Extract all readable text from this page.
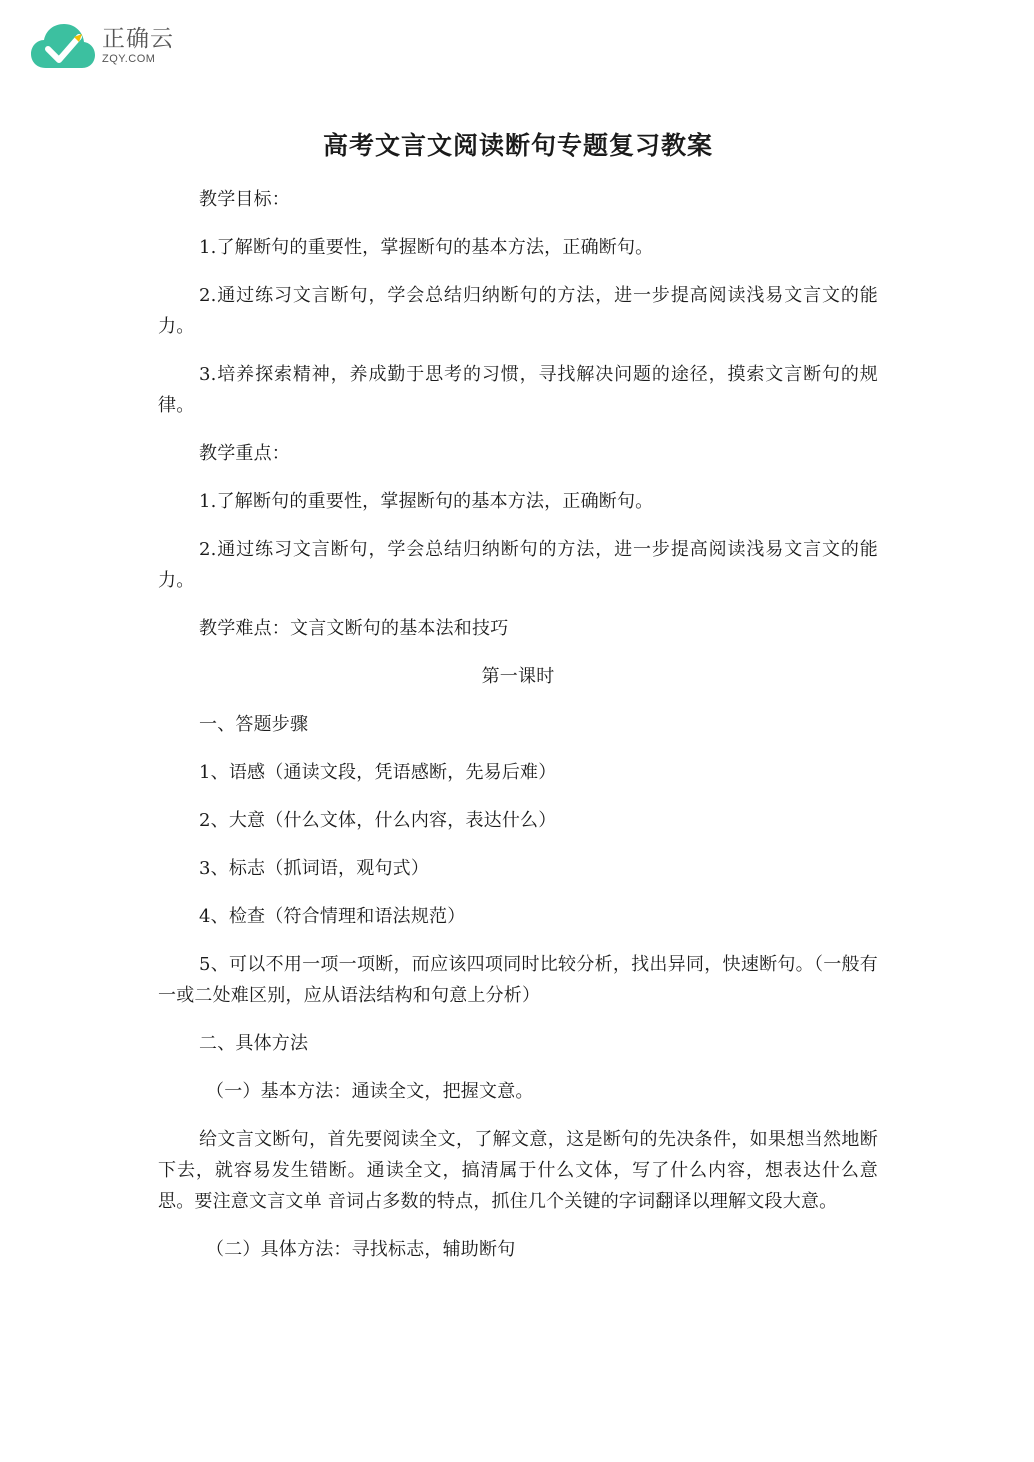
正确云
ZQY.COM
高考文言文阅读断句专题复习教案

教学目标：

1.了解断句的重要性，掌握断句的基本方法，正确断句。

2.通过练习文言断句，学会总结归纳断句的方法，进一步提高阅读浅易文言文的能力。

3.培养探索精神，养成勤于思考的习惯，寻找解决问题的途径，摸索文言断句的规律。

教学重点：

1.了解断句的重要性，掌握断句的基本方法，正确断句。

2.通过练习文言断句，学会总结归纳断句的方法，进一步提高阅读浅易文言文的能力。

教学难点：文言文断句的基本法和技巧

第一课时

一、答题步骤

1、语感（通读文段，凭语感断，先易后难）

2、大意（什么文体，什么内容，表达什么）

3、标志（抓词语，观句式）

4、检查（符合情理和语法规范）

5、可以不用一项一项断，而应该四项同时比较分析，找出异同，快速断句。（一般有一或二处难区别，应从语法结构和句意上分析）

二、具体方法

（一）基本方法：通读全文，把握文意。

给文言文断句，首先要阅读全文，了解文意，这是断句的先决条件，如果想当然地断下去，就容易发生错断。通读全文，搞清属于什么文体，写了什么内容，想表达什么意思。要注意文言文单 音词占多数的特点，抓住几个关键的字词翻译以理解文段大意。

（二）具体方法：寻找标志，辅助断句
